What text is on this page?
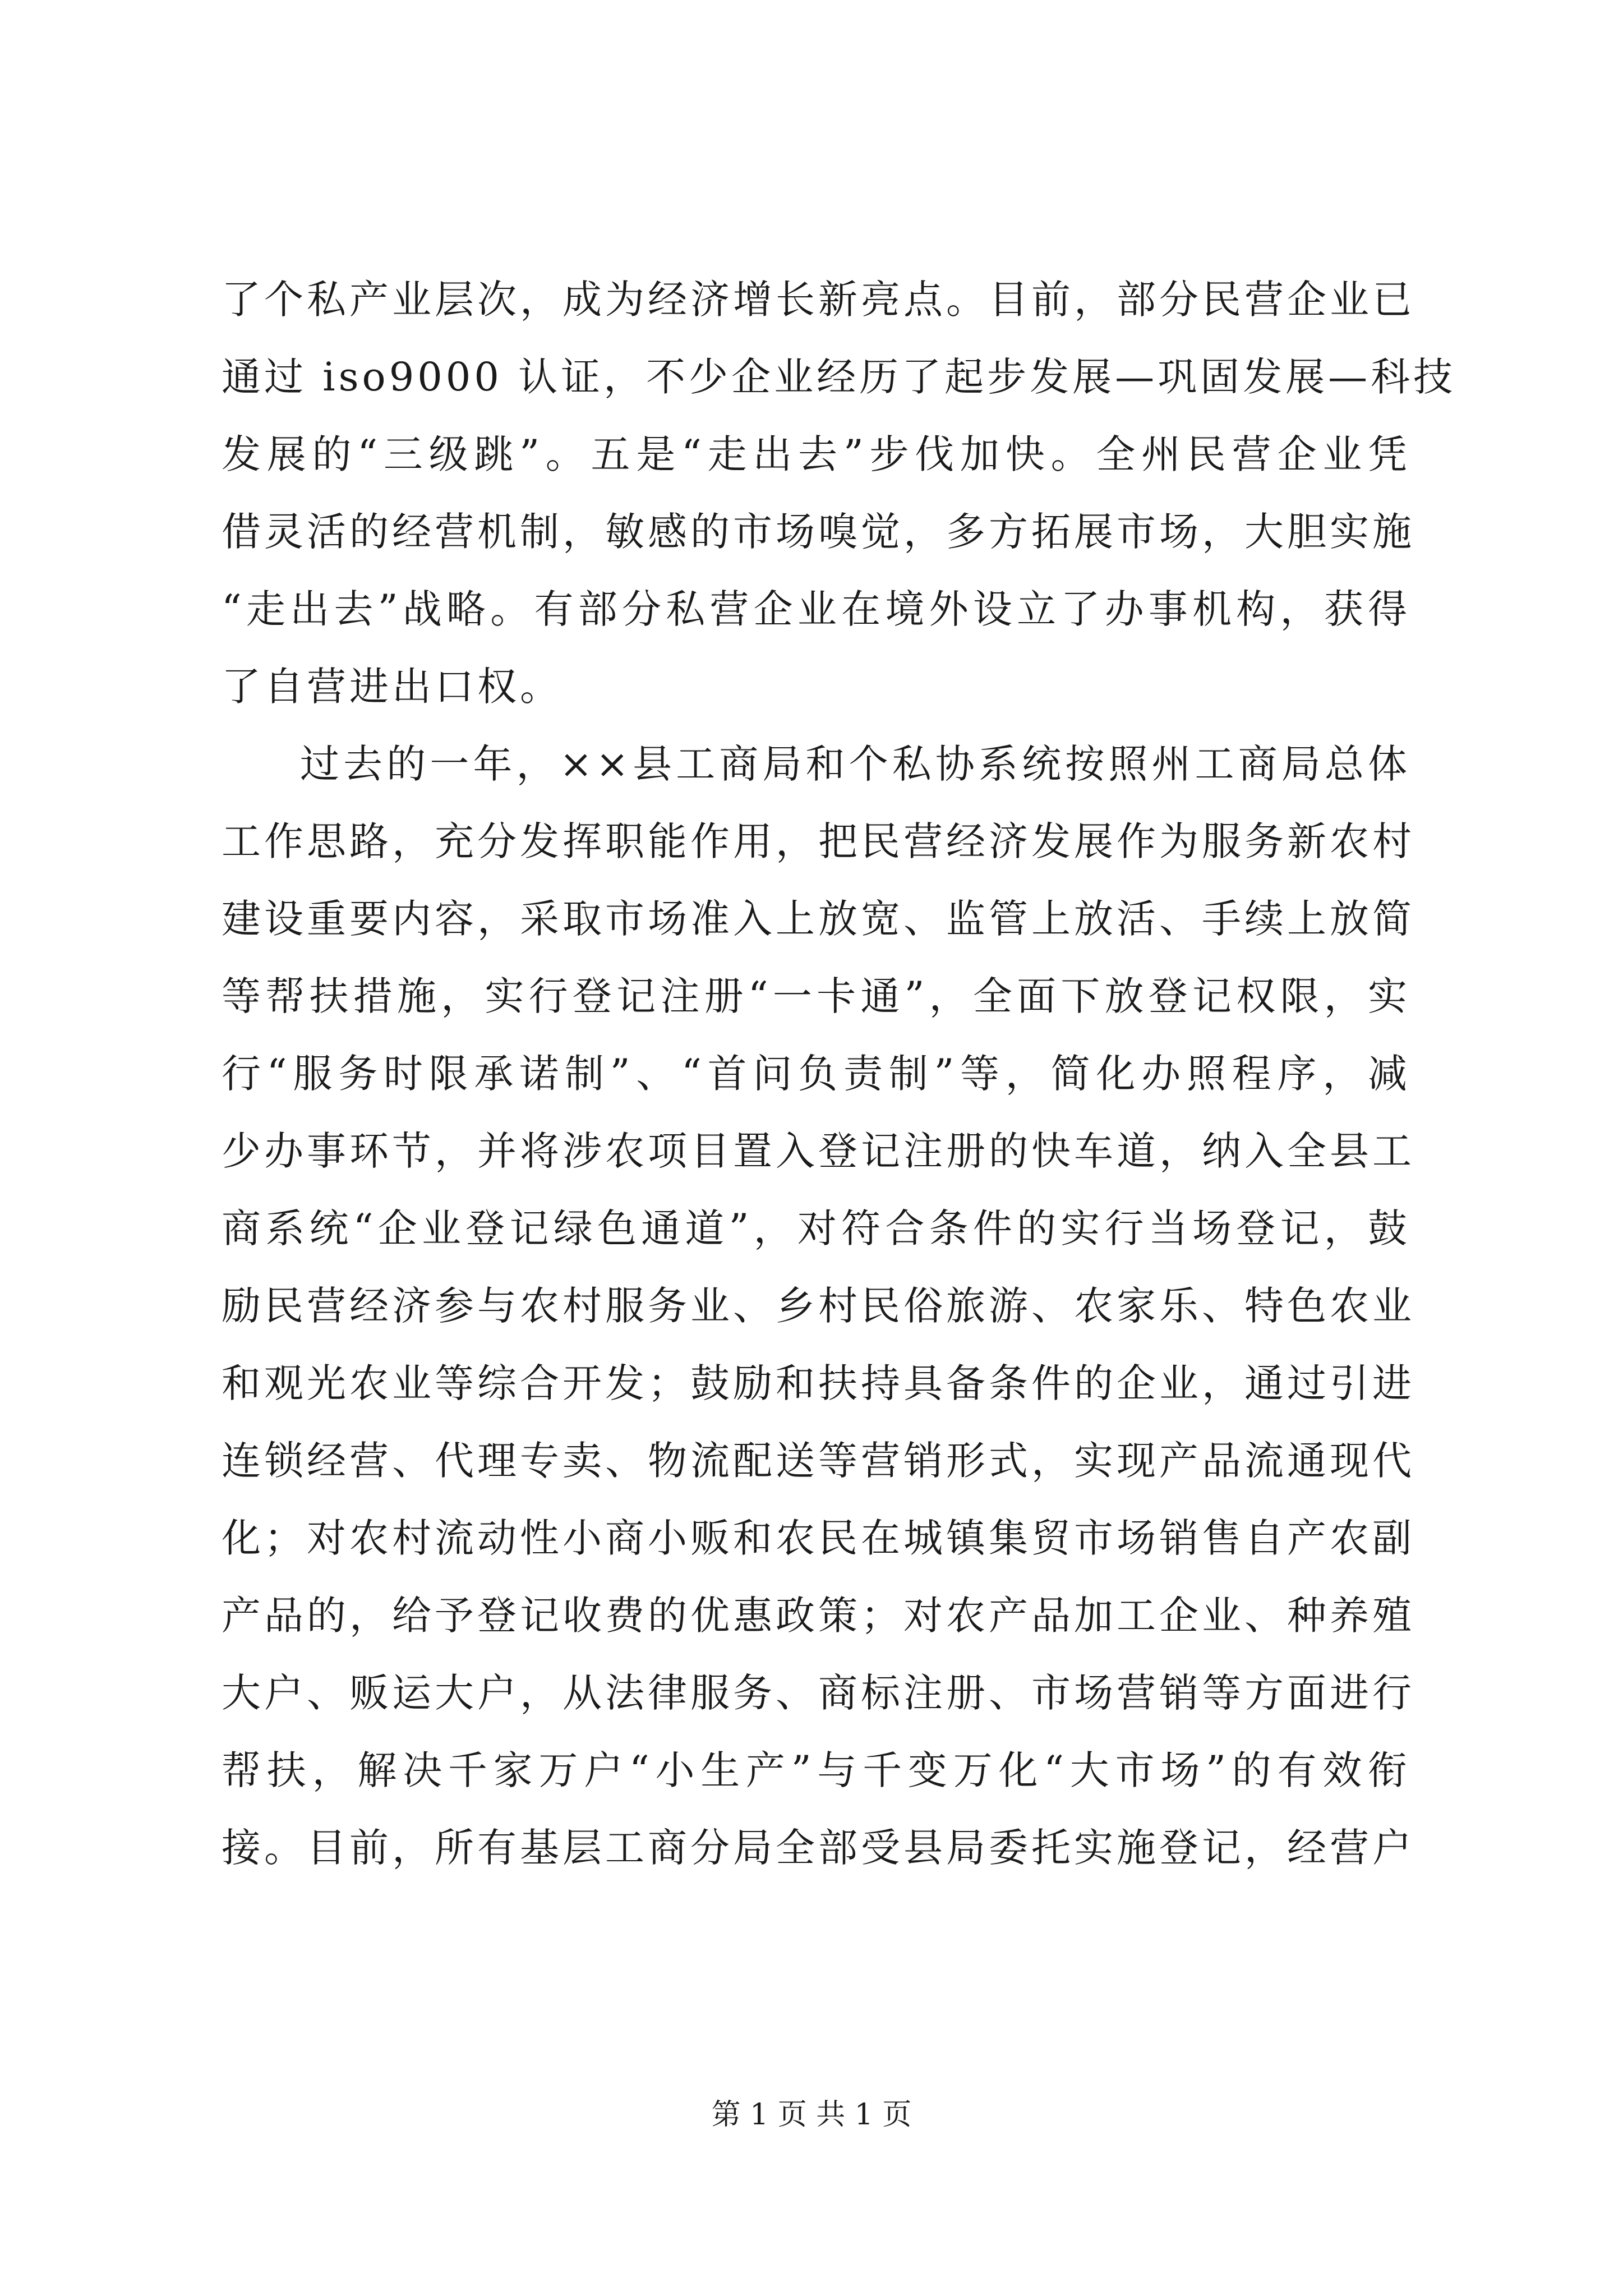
了个私产业层次，成为经济增长新亮点。目前，部分民营企业已
通过 iso9000 认证，不少企业经历了起步发展—巩固发展—科技
发展的“三级跳”。五是“走出去”步伐加快。全州民营企业凭
借灵活的经营机制，敏感的市场嗅觉，多方拓展市场，大胆实施
“走出去”战略。有部分私营企业在境外设立了办事机构，获得
了自营进出口权。
过去的一年，××县工商局和个私协系统按照州工商局总体
工作思路，充分发挥职能作用，把民营经济发展作为服务新农村
建设重要内容，采取市场准入上放宽、监管上放活、手续上放简
等帮扶措施，实行登记注册“一卡通”，全面下放登记权限，实
行“服务时限承诺制”、“首问负责制”等，简化办照程序，减
少办事环节，并将涉农项目置入登记注册的快车道，纳入全县工
商系统“企业登记绿色通道”，对符合条件的实行当场登记，鼓
励民营经济参与农村服务业、乡村民俗旅游、农家乐、特色农业
和观光农业等综合开发；鼓励和扶持具备条件的企业，通过引进
连锁经营、代理专卖、物流配送等营销形式，实现产品流通现代
化；对农村流动性小商小贩和农民在城镇集贸市场销售自产农副
产品的，给予登记收费的优惠政策；对农产品加工企业、种养殖
大户、贩运大户，从法律服务、商标注册、市场营销等方面进行
帮扶，解决千家万户“小生产”与千变万化“大市场”的有效衔
接。目前，所有基层工商分局全部受县局委托实施登记，经营户
第 1 页 共 1 页
